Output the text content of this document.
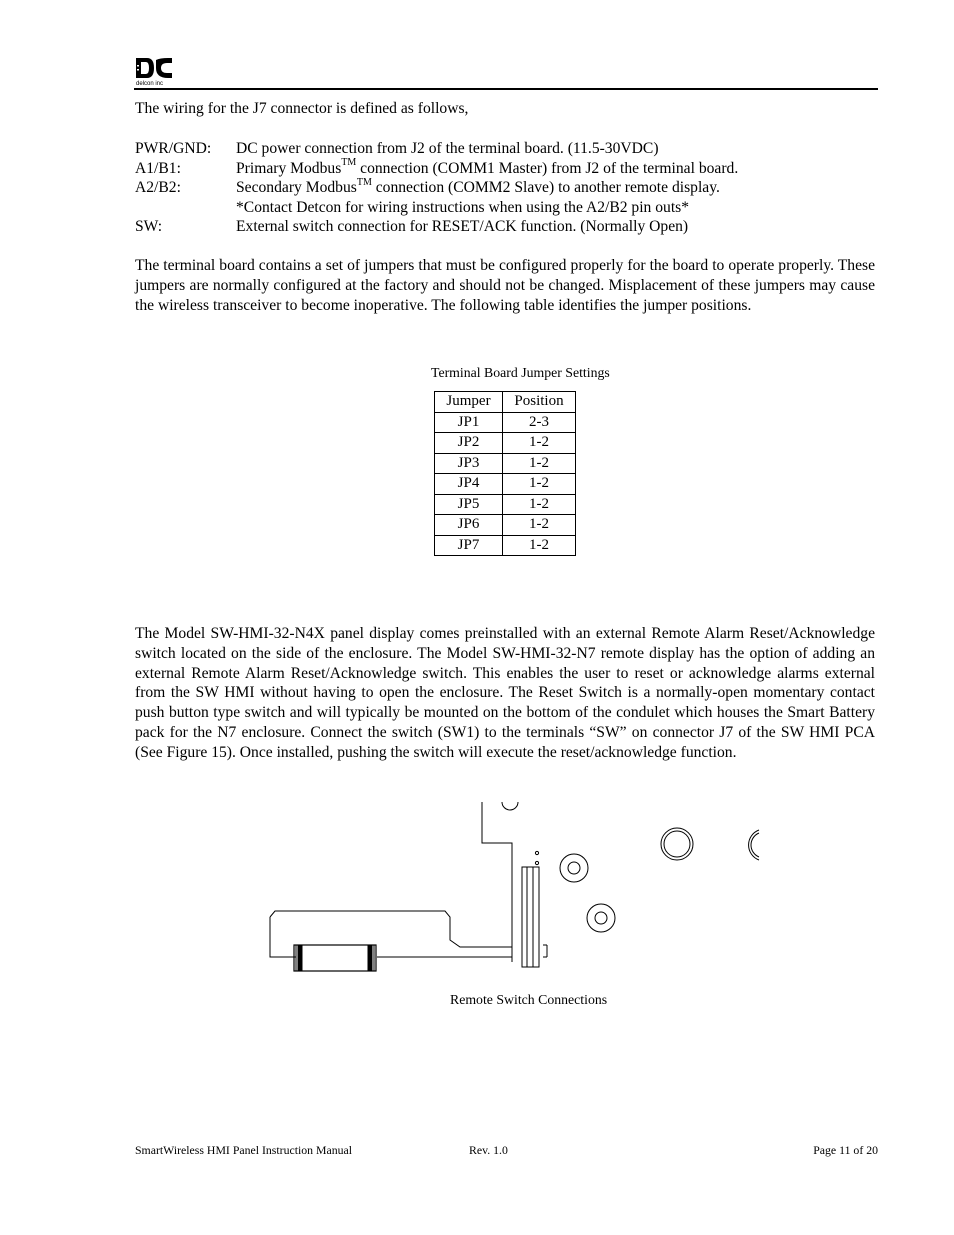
delcon inc
The wiring for the J7 connector is defined as follows,
PWR/GND:	DC power connection from J2 of the terminal board. (11.5-30VDC)
A1/B1:	Primary Modbus™ connection (COMM1 Master) from J2 of the terminal board.
A2/B2:	Secondary Modbus™ connection (COMM2 Slave) to another remote display.
*Contact Detcon for wiring instructions when using the A2/B2 pin outs*
SW:	External switch connection for RESET/ACK function. (Normally Open)
The terminal board contains a set of jumpers that must be configured properly for the board to operate properly. These jumpers are normally configured at the factory and should not be changed. Misplacement of these jumpers may cause the wireless transceiver to become inoperative. The following table identifies the jumper positions.
Terminal Board Jumper Settings
Jumper	Position
JP1	2-3
JP2	1-2
JP3	1-2
JP4	1-2
JP5	1-2
JP6	1-2
JP7	1-2
The Model SW-HMI-32-N4X panel display comes preinstalled with an external Remote Alarm Reset/Acknowledge switch located on the side of the enclosure. The Model SW-HMI-32-N7 remote display has the option of adding an external Remote Alarm Reset/Acknowledge switch. This enables the user to reset or acknowledge alarms external from the SW HMI without having to open the enclosure. The Reset Switch is a normally-open momentary contact push button type switch and will typically be mounted on the bottom of the condulet which houses the Smart Battery pack for the N7 enclosure. Connect the switch (SW1) to the terminals “SW” on connector J7 of the SW HMI PCA (See Figure 15). Once installed, pushing the switch will execute the reset/acknowledge function.
Remote Switch Connections
SmartWireless HMI Panel Instruction Manual	Rev. 1.0	Page 11 of 20
